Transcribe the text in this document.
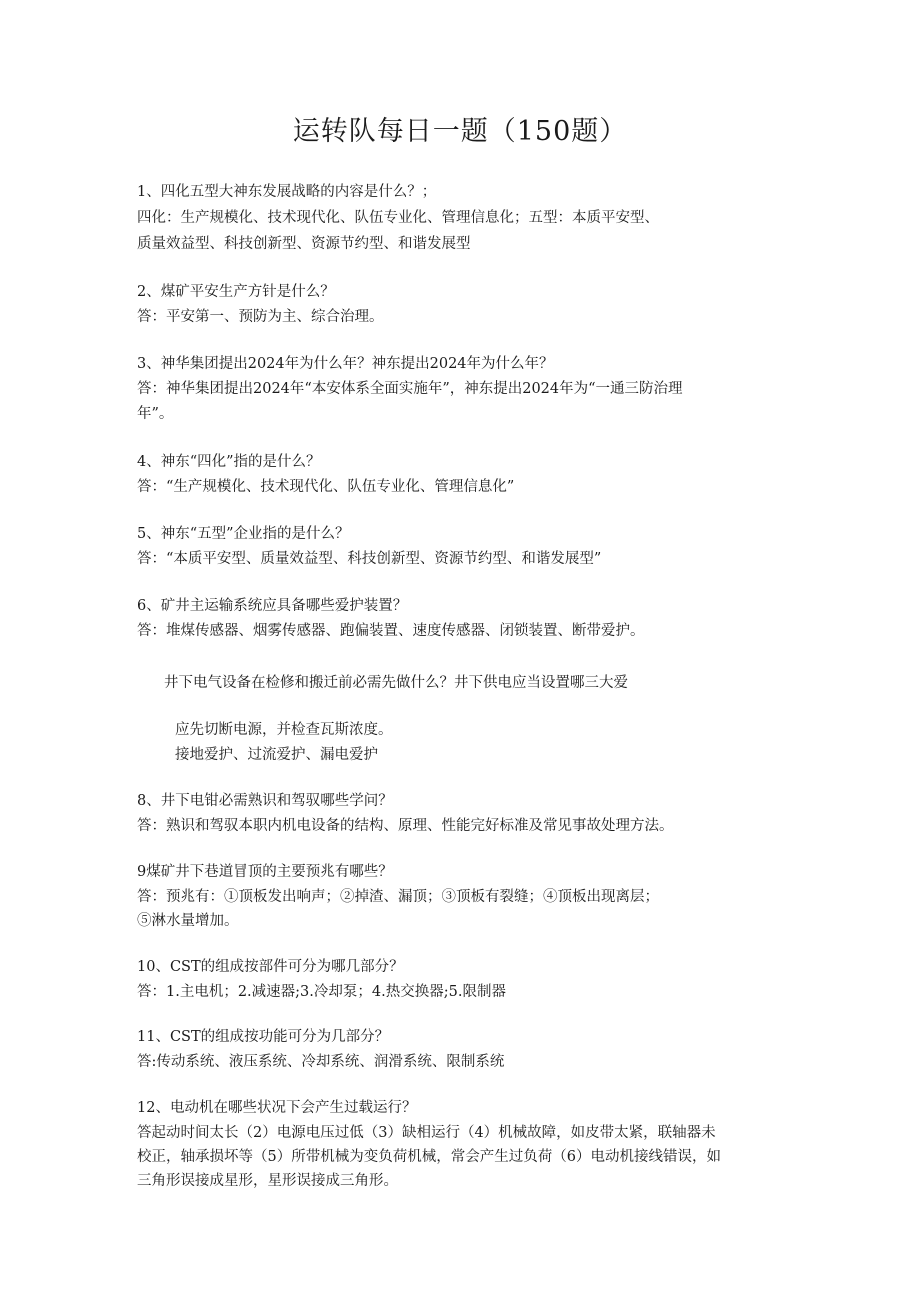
运转队每日一题（150题）
1、四化五型大神东发展战略的内容是什么？；
四化：生产规模化、技术现代化、队伍专业化、管理信息化；五型：本质平安型、
质量效益型、科技创新型、资源节约型、和谐发展型
2、煤矿平安生产方针是什么？
答：平安第一、预防为主、综合治理。
3、神华集团提出2024年为什么年？神东提出2024年为什么年？
答：神华集团提出2024年“本安体系全面实施年”，神东提出2024年为“一通三防治理
年”。
4、神东“四化”指的是什么？
答：“生产规模化、技术现代化、队伍专业化、管理信息化”
5、神东“五型”企业指的是什么？
答：“本质平安型、质量效益型、科技创新型、资源节约型、和谐发展型”
6、矿井主运输系统应具备哪些爱护装置？
答：堆煤传感器、烟雾传感器、跑偏装置、速度传感器、闭锁装置、断带爱护。
井下电气设备在检修和搬迁前必需先做什么？井下供电应当设置哪三大爱
应先切断电源，并检查瓦斯浓度。
接地爱护、过流爱护、漏电爱护
8、井下电钳必需熟识和驾驭哪些学问？
答：熟识和驾驭本职内机电设备的结构、原理、性能完好标准及常见事故处理方法。
9煤矿井下巷道冒顶的主要预兆有哪些？
答：预兆有：①顶板发出响声；②掉渣、漏顶；③顶板有裂缝；④顶板出现离层；
⑤淋水量增加。
10、CST的组成按部件可分为哪几部分？
答：1.主电机；2.减速器;3.冷却泵；4.热交换器;5.限制器
11、CST的组成按功能可分为几部分？
答:传动系统、液压系统、冷却系统、润滑系统、限制系统
12、电动机在哪些状况下会产生过载运行？
答起动时间太长（2）电源电压过低（3）缺相运行（4）机械故障，如皮带太紧，联轴器未
校正，轴承损坏等（5）所带机械为变负荷机械，常会产生过负荷（6）电动机接线错误，如
三角形误接成星形，星形误接成三角形。
